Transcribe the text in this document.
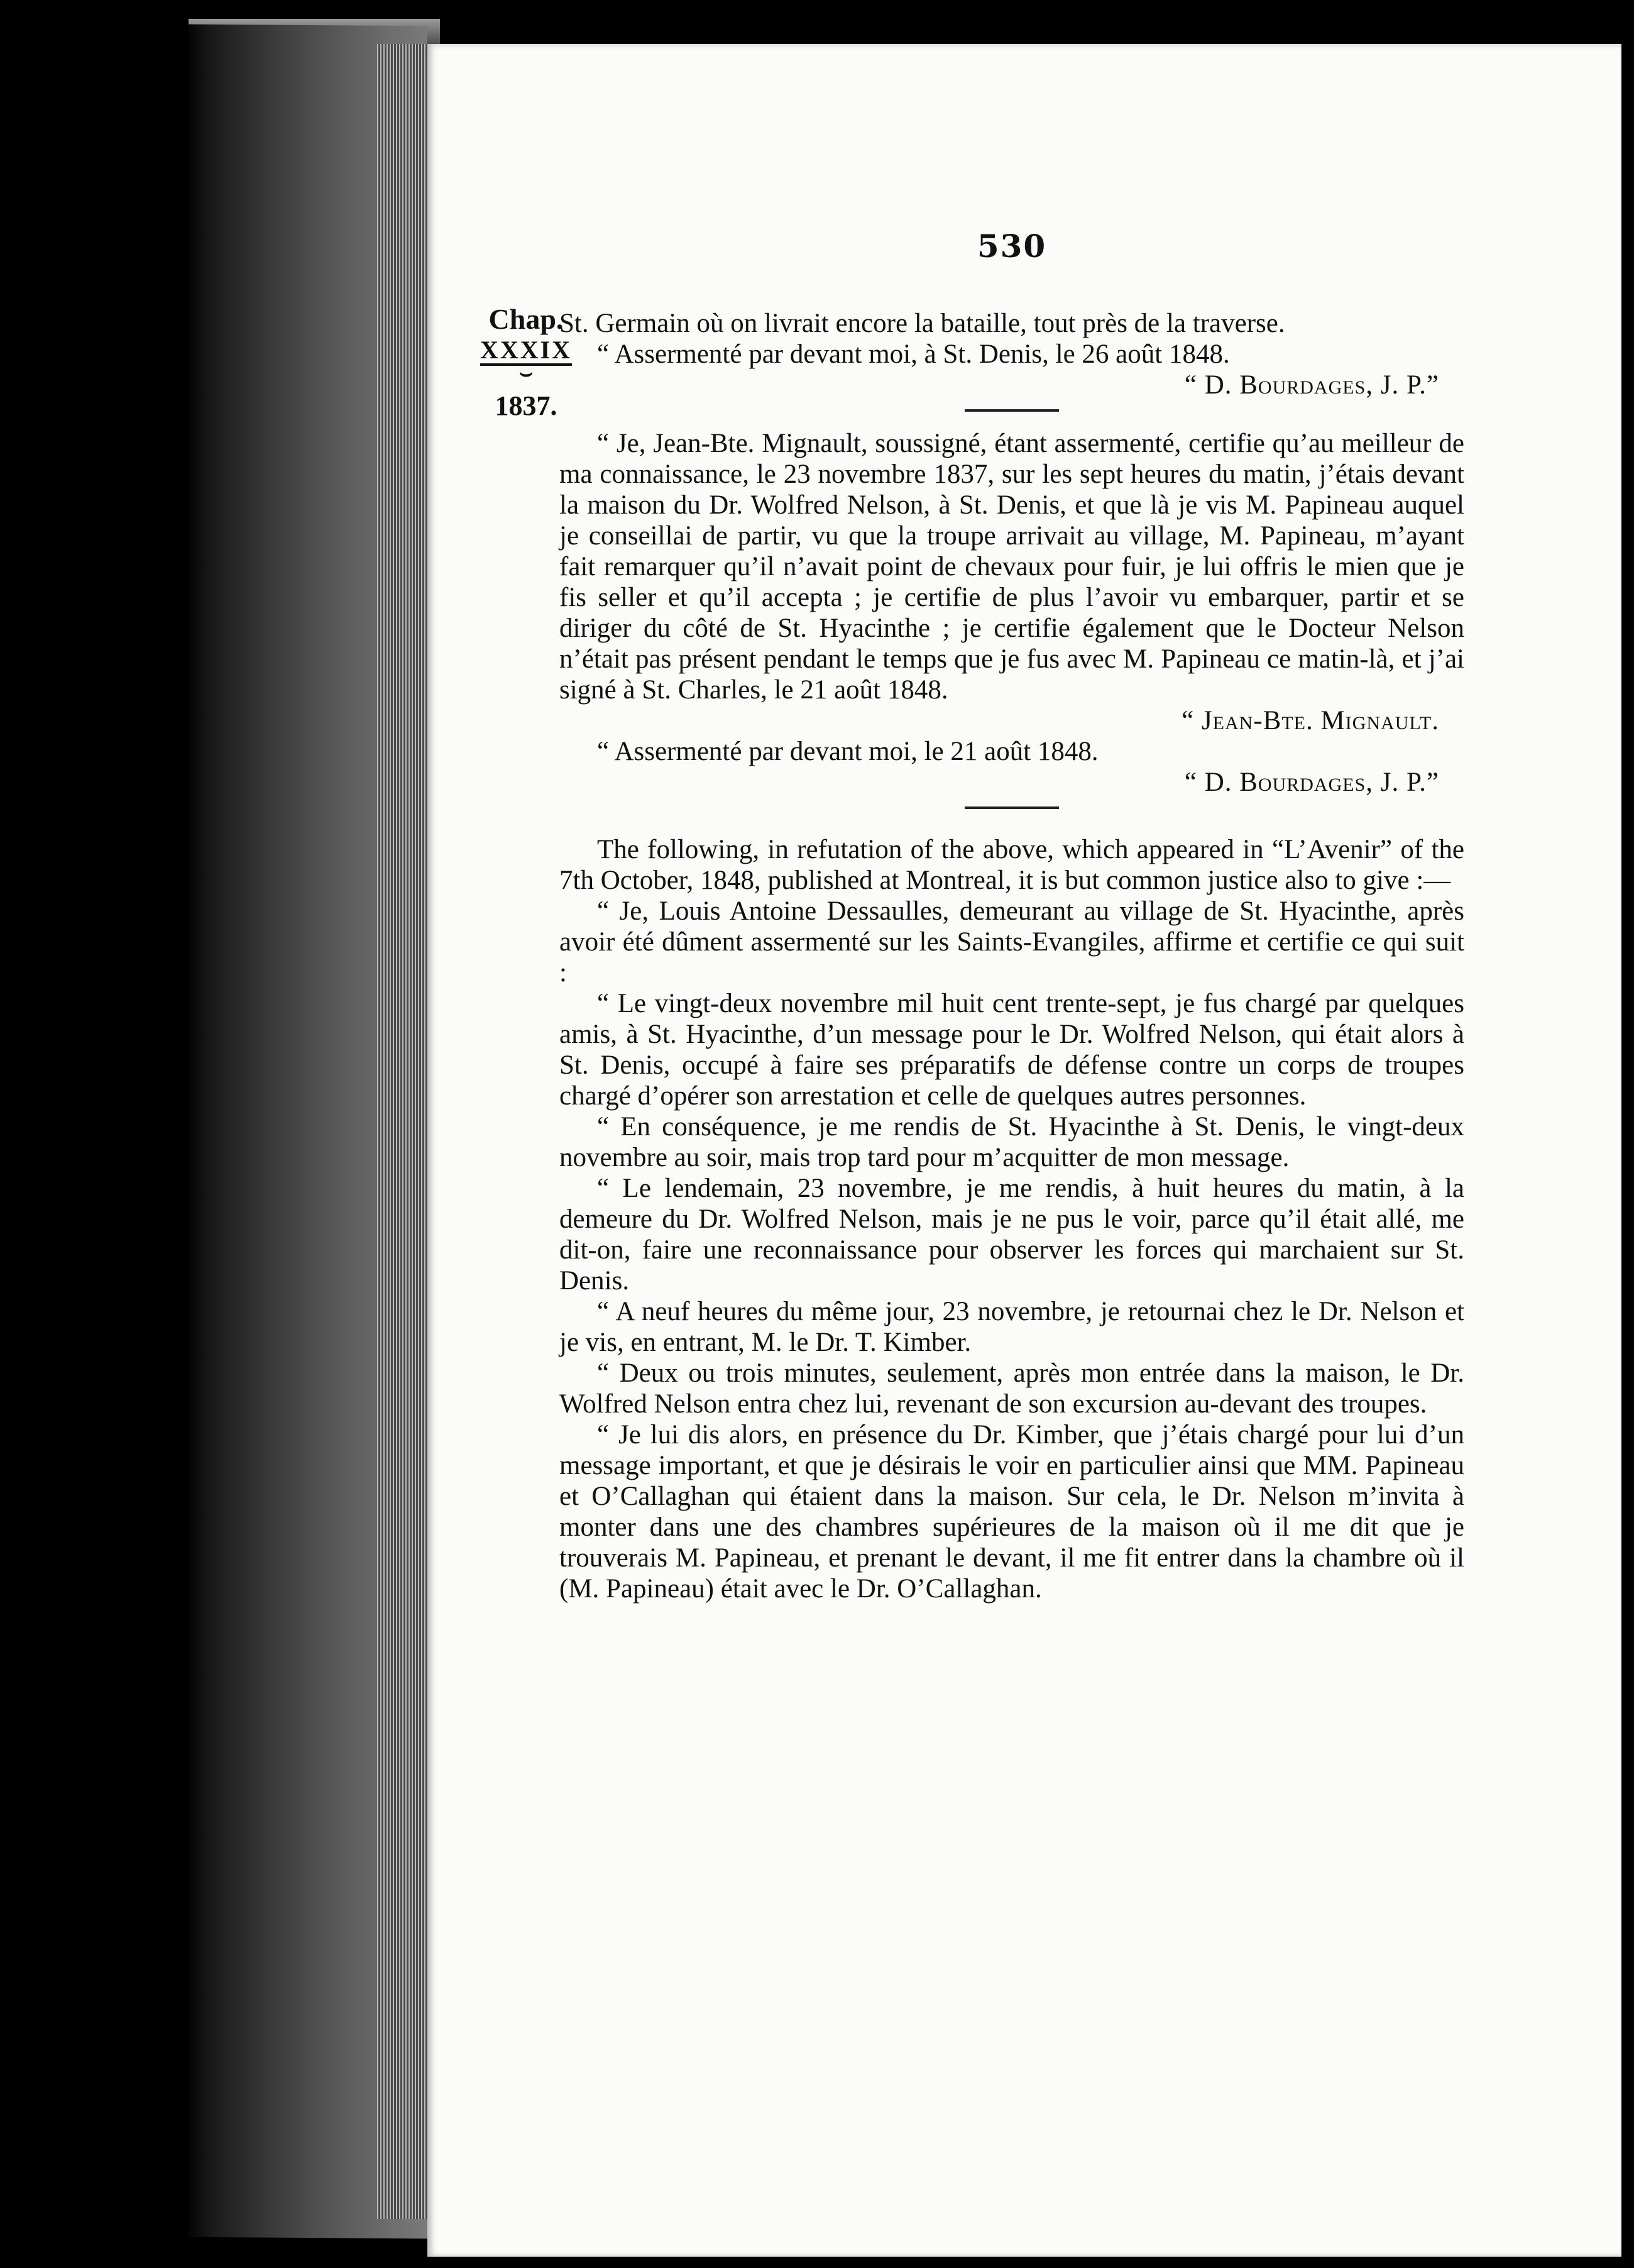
530
Chap.
XXXIX
⌣
1837.

St. Germain où on livrait encore la bataille, tout près de la traverse.

“ Assermenté par devant moi, à St. Denis, le 26 août 1848.

“ D. Bourdages, J. P.”

“ Je, Jean-Bte. Mignault, soussigné, étant assermenté, certifie qu’au meilleur de ma connaissance, le 23 novembre 1837, sur les sept heures du matin, j’étais devant la maison du Dr. Wolfred Nelson, à St. Denis, et que là je vis M. Papineau auquel je conseillai de partir, vu que la troupe arrivait au village, M. Papineau, m’ayant fait remarquer qu’il n’avait point de chevaux pour fuir, je lui offris le mien que je fis seller et qu’il accepta ; je certifie de plus l’avoir vu embarquer, partir et se diriger du côté de St. Hyacinthe ; je certifie également que le Docteur Nelson n’était pas présent pendant le temps que je fus avec M. Papineau ce matin-là, et j’ai signé à St. Charles, le 21 août 1848.

“ Jean-Bte. Mignault.

“ Assermenté par devant moi, le 21 août 1848.

“ D. Bourdages, J. P.”

The following, in refutation of the above, which appeared in “L’Avenir” of the 7th October, 1848, published at Montreal, it is but common justice also to give :—

“ Je, Louis Antoine Dessaulles, demeurant au village de St. Hyacinthe, après avoir été dûment assermenté sur les Saints-Evangiles, affirme et certifie ce qui suit :

“ Le vingt-deux novembre mil huit cent trente-sept, je fus chargé par quelques amis, à St. Hyacinthe, d’un message pour le Dr. Wolfred Nelson, qui était alors à St. Denis, occupé à faire ses préparatifs de défense contre un corps de troupes chargé d’opérer son arrestation et celle de quelques autres personnes.

“ En conséquence, je me rendis de St. Hyacinthe à St. Denis, le vingt-deux novembre au soir, mais trop tard pour m’acquitter de mon message.

“ Le lendemain, 23 novembre, je me rendis, à huit heures du matin, à la demeure du Dr. Wolfred Nelson, mais je ne pus le voir, parce qu’il était allé, me dit-on, faire une reconnaissance pour observer les forces qui marchaient sur St. Denis.

“ A neuf heures du même jour, 23 novembre, je retournai chez le Dr. Nelson et je vis, en entrant, M. le Dr. T. Kimber.

“ Deux ou trois minutes, seulement, après mon entrée dans la maison, le Dr. Wolfred Nelson entra chez lui, revenant de son excursion au-devant des troupes.

“ Je lui dis alors, en présence du Dr. Kimber, que j’étais chargé pour lui d’un message important, et que je désirais le voir en particulier ainsi que MM. Papineau et O’Callaghan qui étaient dans la maison. Sur cela, le Dr. Nelson m’invita à monter dans une des chambres supérieures de la maison où il me dit que je trouverais M. Papineau, et prenant le devant, il me fit entrer dans la chambre où il (M. Papineau) était avec le Dr. O’Callaghan.
